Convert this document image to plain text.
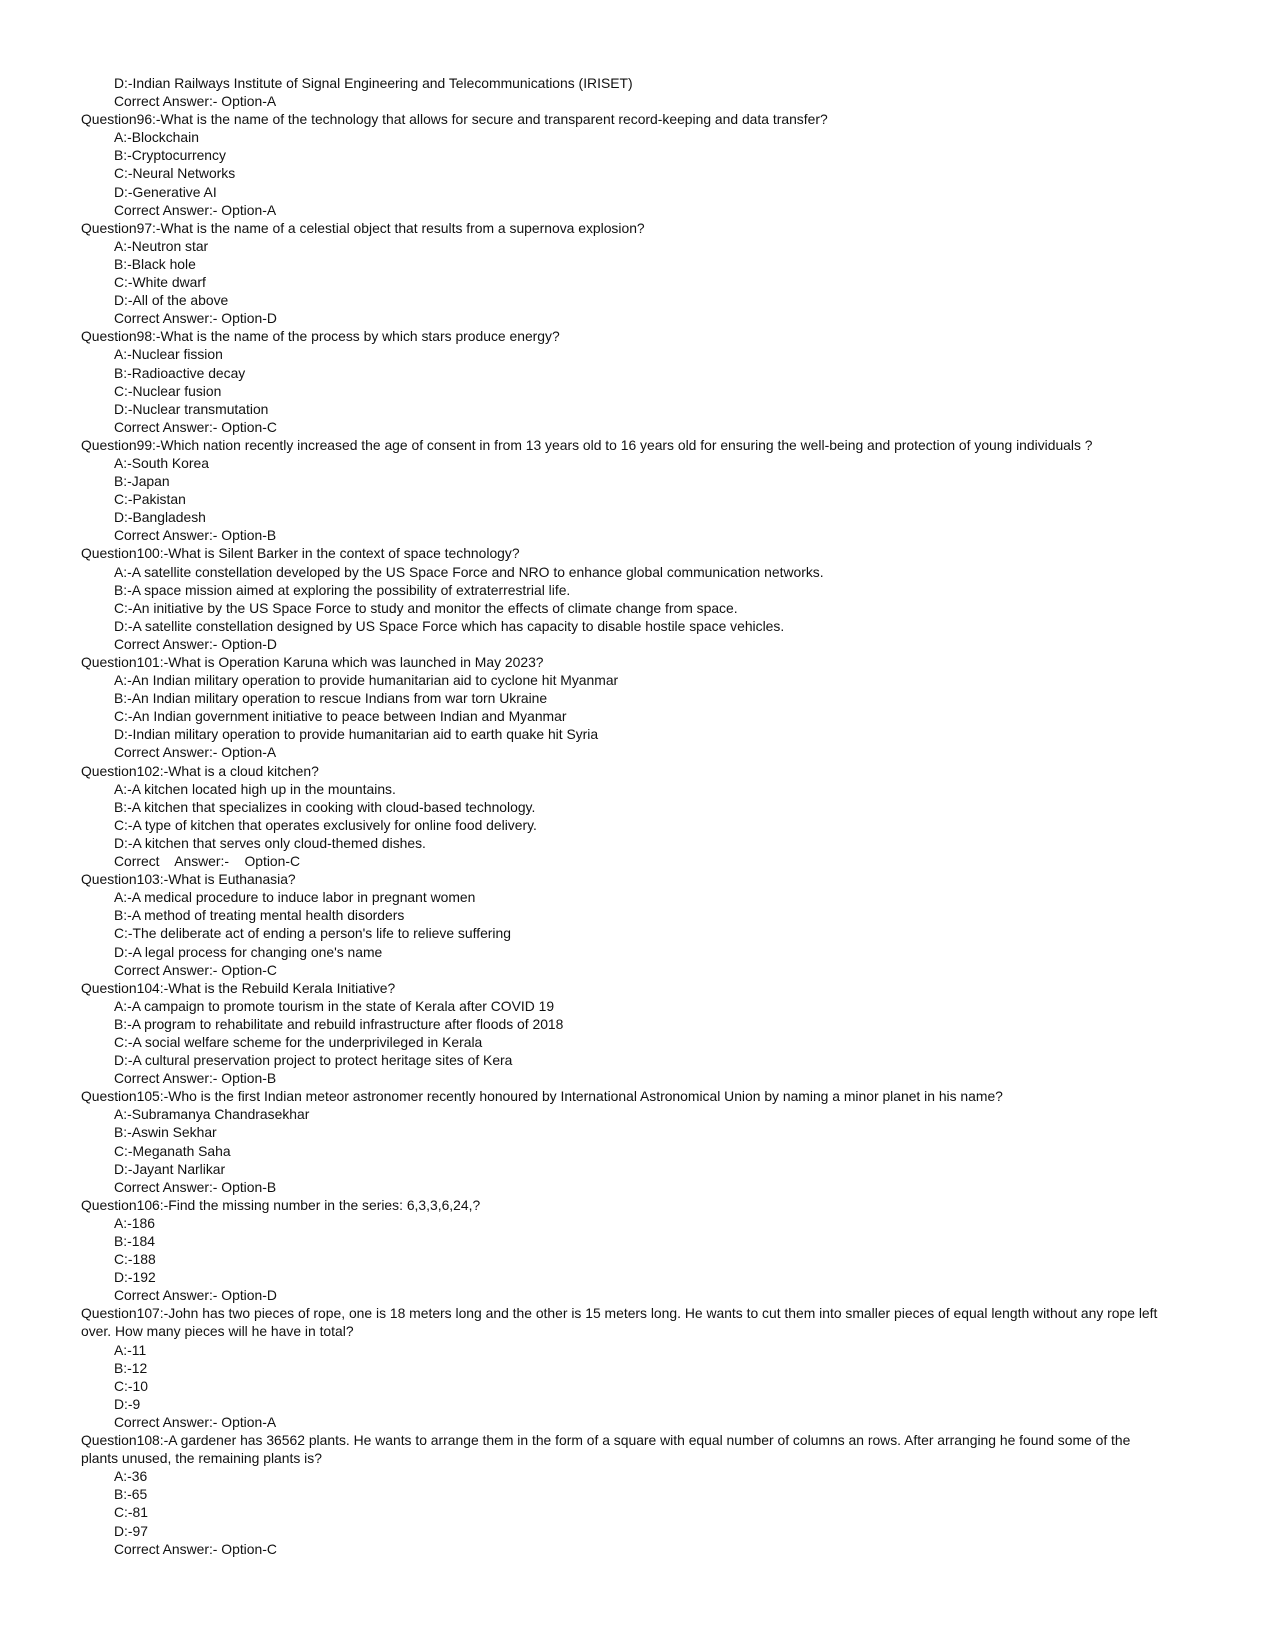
D:-Indian Railways Institute of Signal Engineering and Telecommunications (IRISET)
Correct Answer:- Option-A
Question96:-What is the name of the technology that allows for secure and transparent record-keeping and data transfer?
A:-Blockchain
B:-Cryptocurrency
C:-Neural Networks
D:-Generative AI
Correct Answer:- Option-A
Question97:-What is the name of a celestial object that results from a supernova explosion?
A:-Neutron star
B:-Black hole
C:-White dwarf
D:-All of the above
Correct Answer:- Option-D
Question98:-What is the name of the process by which stars produce energy?
A:-Nuclear fission
B:-Radioactive decay
C:-Nuclear fusion
D:-Nuclear transmutation
Correct Answer:- Option-C
Question99:-Which nation recently increased the age of consent in from 13 years old to 16 years old for ensuring the well-being and protection of young individuals ?
A:-South Korea
B:-Japan
C:-Pakistan
D:-Bangladesh
Correct Answer:- Option-B
Question100:-What is Silent Barker in the context of space technology?
A:-A satellite constellation developed by the US Space Force and NRO to enhance global communication networks.
B:-A space mission aimed at exploring the possibility of extraterrestrial life.
C:-An initiative by the US Space Force to study and monitor the effects of climate change from space.
D:-A satellite constellation designed by US Space Force which has capacity to disable hostile space vehicles.
Correct Answer:- Option-D
Question101:-What is Operation Karuna which was launched in May 2023?
A:-An Indian military operation to provide humanitarian aid to cyclone hit Myanmar
B:-An Indian military operation to rescue Indians from war torn Ukraine
C:-An Indian government initiative to peace between Indian and Myanmar
D:-Indian military operation to provide humanitarian aid to earth quake hit Syria
Correct Answer:- Option-A
Question102:-What is a cloud kitchen?
A:-A kitchen located high up in the mountains.
B:-A kitchen that specializes in cooking with cloud-based technology.
C:-A type of kitchen that operates exclusively for online food delivery.
D:-A kitchen that serves only cloud-themed dishes.
Correct    Answer:-    Option-C
Question103:-What is Euthanasia?
A:-A medical procedure to induce labor in pregnant women
B:-A method of treating mental health disorders
C:-The deliberate act of ending a person's life to relieve suffering
D:-A legal process for changing one's name
Correct Answer:- Option-C
Question104:-What is the Rebuild Kerala Initiative?
A:-A campaign to promote tourism in the state of Kerala after COVID 19
B:-A program to rehabilitate and rebuild infrastructure after floods of 2018
C:-A social welfare scheme for the underprivileged in Kerala
D:-A cultural preservation project to protect heritage sites of Kera
Correct Answer:- Option-B
Question105:-Who is the first Indian meteor astronomer recently honoured by International Astronomical Union by naming a minor planet in his name?
A:-Subramanya Chandrasekhar
B:-Aswin Sekhar
C:-Meganath Saha
D:-Jayant Narlikar
Correct Answer:- Option-B
Question106:-Find the missing number in the series: 6,3,3,6,24,?
A:-186
B:-184
C:-188
D:-192
Correct Answer:- Option-D
Question107:-John has two pieces of rope, one is 18 meters long and the other is 15 meters long. He wants to cut them into smaller pieces of equal length without any rope left over. How many pieces will he have in total?
A:-11
B:-12
C:-10
D:-9
Correct Answer:- Option-A
Question108:-A gardener has 36562 plants. He wants to arrange them in the form of a square with equal number of columns an rows. After arranging he found some of the plants unused, the remaining plants is?
A:-36
B:-65
C:-81
D:-97
Correct Answer:- Option-C
